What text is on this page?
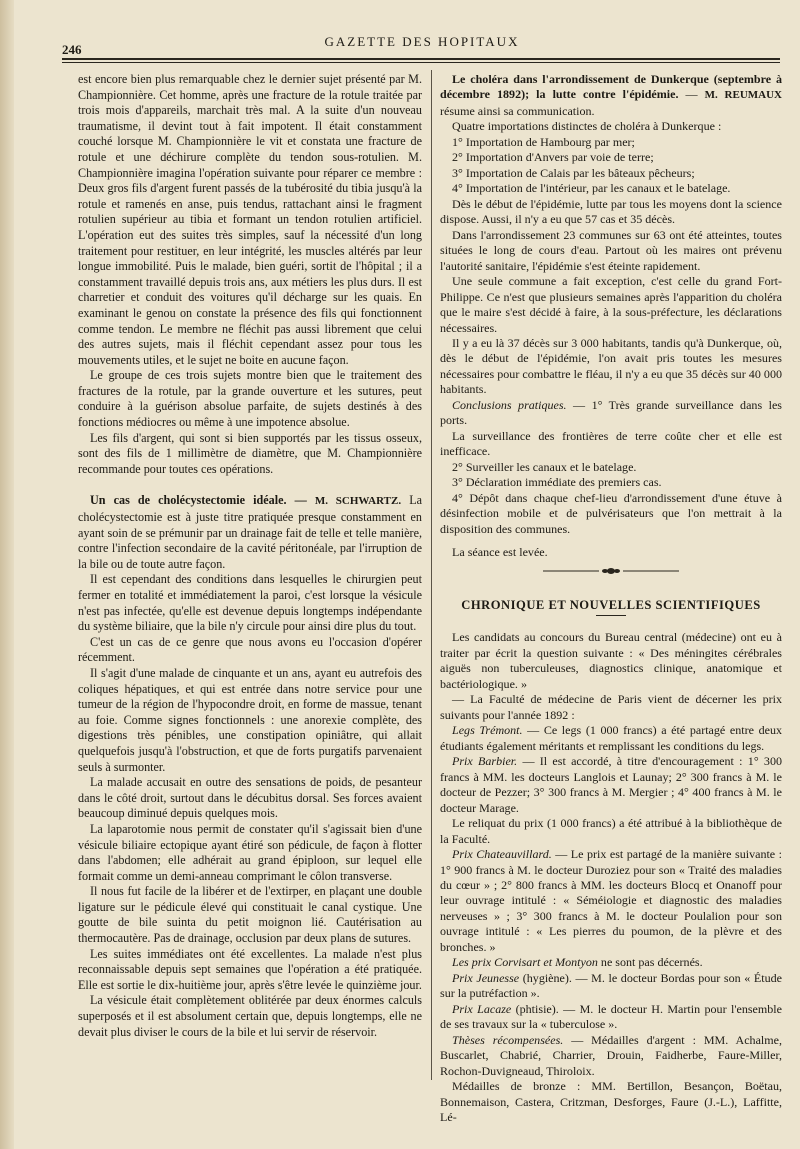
246
GAZETTE DES HOPITAUX

est encore bien plus remarquable chez le dernier sujet présenté par M. Championnière. Cet homme, après une fracture de la rotule traitée par trois mois d'appareils, marchait très mal. A la suite d'un nouveau traumatisme, il devint tout à fait impotent. Il était constamment couché lorsque M. Championnière le vit et constata une fracture de rotule et une déchirure complète du tendon sous-rotulien. M. Championnière imagina l'opération suivante pour réparer ce membre : Deux gros fils d'argent furent passés de la tubérosité du tibia jusqu'à la rotule et ramenés en anse, puis tendus, rattachant ainsi le fragment rotulien supérieur au tibia et formant un tendon rotulien artificiel. L'opération eut des suites très simples, sauf la nécessité d'un long traitement pour restituer, en leur intégrité, les muscles altérés par leur longue immobilité. Puis le malade, bien guéri, sortit de l'hôpital ; il a constamment travaillé depuis trois ans, aux métiers les plus durs. Il est charretier et conduit des voitures qu'il décharge sur les quais. En examinant le genou on constate la présence des fils qui fonctionnent comme tendon. Le membre ne fléchit pas aussi librement que celui des autres sujets, mais il fléchit cependant assez pour tous les mouvements utiles, et le sujet ne boite en aucune façon.

Le groupe de ces trois sujets montre bien que le traitement des fractures de la rotule, par la grande ouverture et les sutures, peut conduire à la guérison absolue parfaite, de sujets destinés à des fonctions médiocres ou même à une impotence absolue.

Les fils d'argent, qui sont si bien supportés par les tissus osseux, sont des fils de 1 millimètre de diamètre, que M. Championnière recommande pour toutes ces opérations.

Un cas de cholécystectomie idéale. — M. SCHWARTZ. La cholécystectomie est à juste titre pratiquée presque constamment en ayant soin de se prémunir par un drainage fait de telle et telle manière, contre l'infection secondaire de la cavité péritonéale, par l'irruption de la bile ou de toute autre façon.

Il est cependant des conditions dans lesquelles le chirurgien peut fermer en totalité et immédiatement la paroi, c'est lorsque la vésicule n'est pas infectée, qu'elle est devenue depuis longtemps indépendante du système biliaire, que la bile n'y circule pour ainsi dire plus du tout.

C'est un cas de ce genre que nous avons eu l'occasion d'opérer récemment.

Il s'agit d'une malade de cinquante et un ans, ayant eu autrefois des coliques hépatiques, et qui est entrée dans notre service pour une tumeur de la région de l'hypocondre droit, en forme de massue, tenant au foie. Comme signes fonctionnels : une anorexie complète, des digestions très pénibles, une constipation opiniâtre, qui allait quelquefois jusqu'à l'obstruction, et que de forts purgatifs parvenaient seuls à surmonter.

La malade accusait en outre des sensations de poids, de pesanteur dans le côté droit, surtout dans le décubitus dorsal. Ses forces avaient beaucoup diminué depuis quelques mois.

La laparotomie nous permit de constater qu'il s'agissait bien d'une vésicule biliaire ectopique ayant étiré son pédicule, de façon à flotter dans l'abdomen; elle adhérait au grand épiploon, sur lequel elle formait comme un demi-anneau comprimant le côlon transverse.

Il nous fut facile de la libérer et de l'extirper, en plaçant une double ligature sur le pédicule élevé qui constituait le canal cystique. Une goutte de bile suinta du petit moignon lié. Cautérisation au thermocautère. Pas de drainage, occlusion par deux plans de sutures.

Les suites immédiates ont été excellentes. La malade n'est plus reconnaissable depuis sept semaines que l'opération a été pratiquée. Elle est sortie le dix-huitième jour, après s'être levée le quinzième jour.

La vésicule était complètement oblitérée par deux énormes calculs superposés et il est absolument certain que, depuis longtemps, elle ne devait plus diviser le cours de la bile et lui servir de réservoir.

Le choléra dans l'arrondissement de Dunkerque (septembre à décembre 1892); la lutte contre l'épidémie. — M. REUMAUX résume ainsi sa communication.

Quatre importations distinctes de choléra à Dunkerque :

1° Importation de Hambourg par mer;

2° Importation d'Anvers par voie de terre;

3° Importation de Calais par les bâteaux pêcheurs;

4° Importation de l'intérieur, par les canaux et le batelage.

Dès le début de l'épidémie, lutte par tous les moyens dont la science dispose. Aussi, il n'y a eu que 57 cas et 35 décès.

Dans l'arrondissement 23 communes sur 63 ont été atteintes, toutes situées le long de cours d'eau. Partout où les maires ont prévenu l'autorité sanitaire, l'épidémie s'est éteinte rapidement.

Une seule commune a fait exception, c'est celle du grand Fort-Philippe. Ce n'est que plusieurs semaines après l'apparition du choléra que le maire s'est décidé à faire, à la sous-préfecture, les déclarations nécessaires.

Il y a eu là 37 décès sur 3 000 habitants, tandis qu'à Dunkerque, où, dès le début de l'épidémie, l'on avait pris toutes les mesures nécessaires pour combattre le fléau, il n'y a eu que 35 décès sur 40 000 habitants.

Conclusions pratiques. — 1° Très grande surveillance dans les ports.

La surveillance des frontières de terre coûte cher et elle est inefficace.

2° Surveiller les canaux et le batelage.

3° Déclaration immédiate des premiers cas.

4° Dépôt dans chaque chef-lieu d'arrondissement d'une étuve à désinfection mobile et de pulvérisateurs que l'on mettrait à la disposition des communes.

La séance est levée.

CHRONIQUE ET NOUVELLES SCIENTIFIQUES

Les candidats au concours du Bureau central (médecine) ont eu à traiter par écrit la question suivante : « Des méningites cérébrales aiguës non tuberculeuses, diagnostics clinique, anatomique et bactériologique. »

— La Faculté de médecine de Paris vient de décerner les prix suivants pour l'année 1892 :

Legs Trémont. — Ce legs (1 000 francs) a été partagé entre deux étudiants également méritants et remplissant les conditions du legs.

Prix Barbier. — Il est accordé, à titre d'encouragement : 1° 300 francs à MM. les docteurs Langlois et Launay; 2° 300 francs à M. le docteur de Pezzer; 3° 300 francs à M. Mergier ; 4° 400 francs à M. le docteur Marage.

Le reliquat du prix (1 000 francs) a été attribué à la bibliothèque de la Faculté.

Prix Chateauvillard. — Le prix est partagé de la manière suivante : 1° 900 francs à M. le docteur Duroziez pour son « Traité des maladies du cœur » ; 2° 800 francs à MM. les docteurs Blocq et Onanoff pour leur ouvrage intitulé : « Séméiologie et diagnostic des maladies nerveuses » ; 3° 300 francs à M. le docteur Poulalion pour son ouvrage intitulé : « Les pierres du poumon, de la plèvre et des bronches. »

Les prix Corvisart et Montyon ne sont pas décernés.

Prix Jeunesse (hygiène). — M. le docteur Bordas pour son « Étude sur la putréfaction ».

Prix Lacaze (phtisie). — M. le docteur H. Martin pour l'ensemble de ses travaux sur la « tuberculose ».

Thèses récompensées. — Médailles d'argent : MM. Achalme, Buscarlet, Chabrié, Charrier, Drouin, Faidherbe, Faure-Miller, Rochon-Duvigneaud, Thiroloix.

Médailles de bronze : MM. Bertillon, Besançon, Boëtau, Bonnemaison, Castera, Critzman, Desforges, Faure (J.-L.), Laffitte, Lé-
